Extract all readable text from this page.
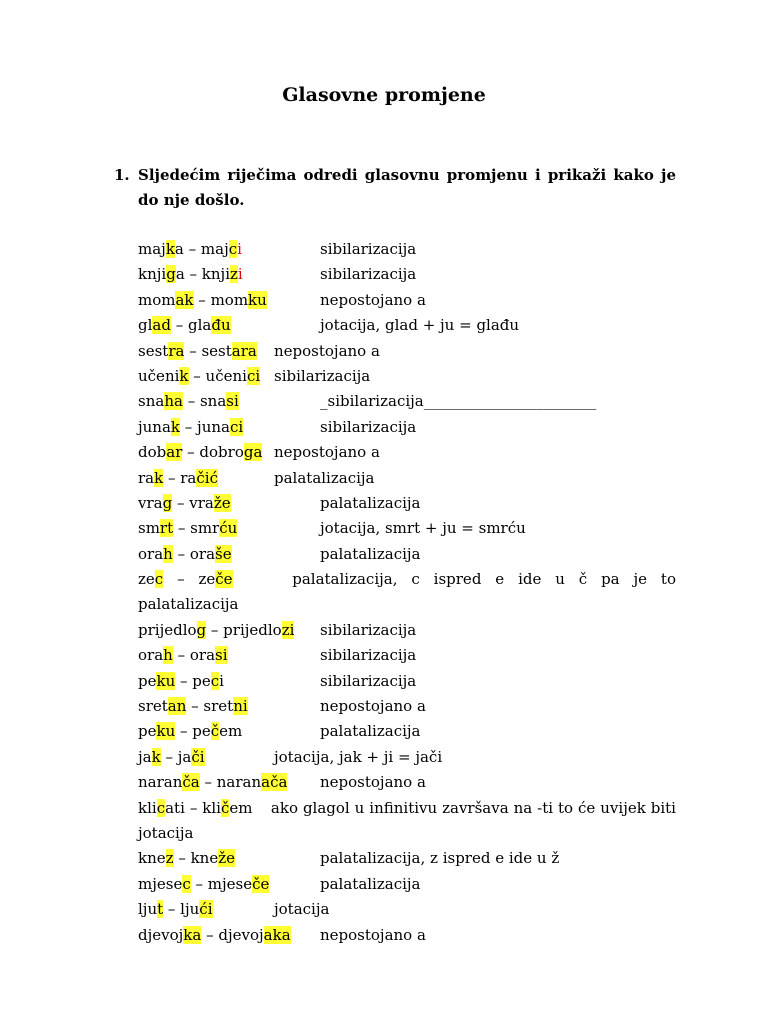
Glasovne promjene
1. Sljedećim riječima odredi glasovnu promjenu i prikaži kako je do nje došlo.
majka – majci	sibilarizacija
knjiga – knjizi	sibilarizacija
momak – momku	nepostojano a
glad – glađu	jotacija, glad + ju = glađu
sestra – sestara nepostojano a
učenik – učenici sibilarizacija
snaha – snasi	_sibilarizacija_______________________
junak – junaci	sibilarizacija
dobar – dobroga nepostojano a
rak – račić	palatalizacija
vrag – vraže	palatalizacija
smrt – smrću	jotacija, smrt + ju = smrću
orah – oraše	palatalizacija
zec – zeče	palatalizacija, c ispred e ide u č pa je to palatalizacija
prijedlog – prijedlozi sibilarizacija
orah – orasi	sibilarizacija
peku – peci	sibilarizacija
sretan – sretni	nepostojano a
peku – pečem	palatalizacija
jak – jači	jotacija, jak + ji = jači
naranča – naranača nepostojano a
klicati – kličem ako glagol u infinitivu završava na -ti to će uvijek biti jotacija
knez – kneže	palatalizacija, z ispred e ide u ž
mjesec – mjeseče	palatalizacija
ljut – ljući	jotacija
djevojka – djevojaka nepostojano a
